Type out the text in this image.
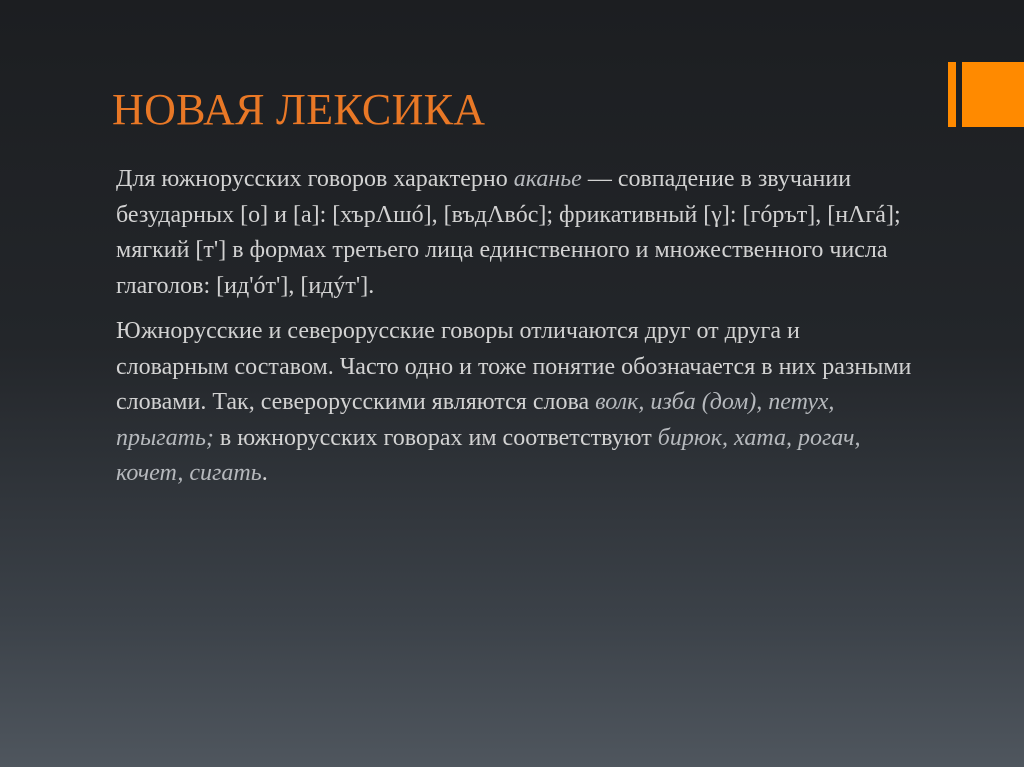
НОВАЯ ЛЕКСИКА

Для южнорусских говоров характерно аканье — совпадение в звучании безударных [о] и [а]: [хърΛшó], [въдΛвóс]; фрикативный [γ]: [гóрът], [нΛгá]; мягкий [т'] в формах третьего лица единственного и множественного числа глаголов: [ид'óт'], [идýт'].

Южнорусские и северорусские говоры отличаются друг от друга и словарным составом. Часто одно и тоже понятие обозначается в них разными словами. Так, северорусскими являются слова волк, изба (дом), петух, прыгать; в южнорусских говорах им соответствуют бирюк, хата, рогач, кочет, сигать.
